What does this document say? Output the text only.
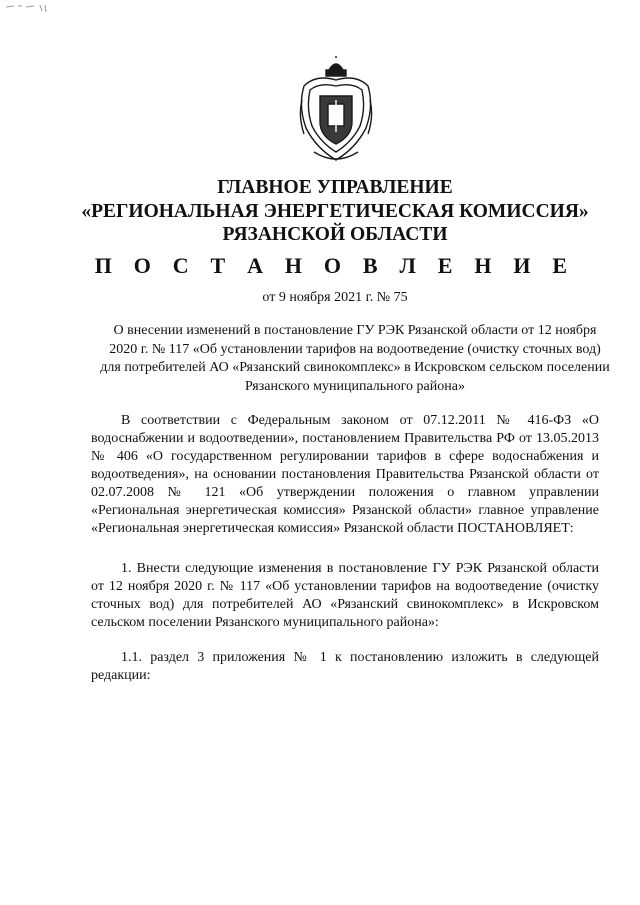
ГЛАВНОЕ УПРАВЛЕНИЕ

«РЕГИОНАЛЬНАЯ ЭНЕРГЕТИЧЕСКАЯ КОМИССИЯ»

РЯЗАНСКОЙ ОБЛАСТИ

П О С Т А Н О В Л Е Н И Е

от 9 ноября 2021 г. № 75

О внесении изменений в постановление ГУ РЭК Рязанской области от 12 ноября 2020 г. № 117 «Об установлении тарифов на водоотведение (очистку сточных вод) для потребителей АО «Рязанский свинокомплекс» в Искровском сельском поселении Рязанского муниципального района»

В соответствии с Федеральным законом от 07.12.2011 № 416-ФЗ «О водоснабжении и водоотведении», постановлением Правительства РФ от 13.05.2013 № 406 «О государственном регулировании тарифов в сфере водоснабжения и водоотведения», на основании постановления Правительства Рязанской области от 02.07.2008 № 121 «Об утверждении положения о главном управлении «Региональная энергетическая комиссия» Рязанской области» главное управление «Региональная энергетическая комиссия» Рязанской области ПОСТАНОВЛЯЕТ:

1. Внести следующие изменения в постановление ГУ РЭК Рязанской области от 12 ноября 2020 г. № 117 «Об установлении тарифов на водоотведение (очистку сточных вод) для потребителей АО «Рязанский свинокомплекс» в Искровском сельском поселении Рязанского муниципального района»:

1.1. раздел 3 приложения № 1 к постановлению изложить в следующей редакции:
